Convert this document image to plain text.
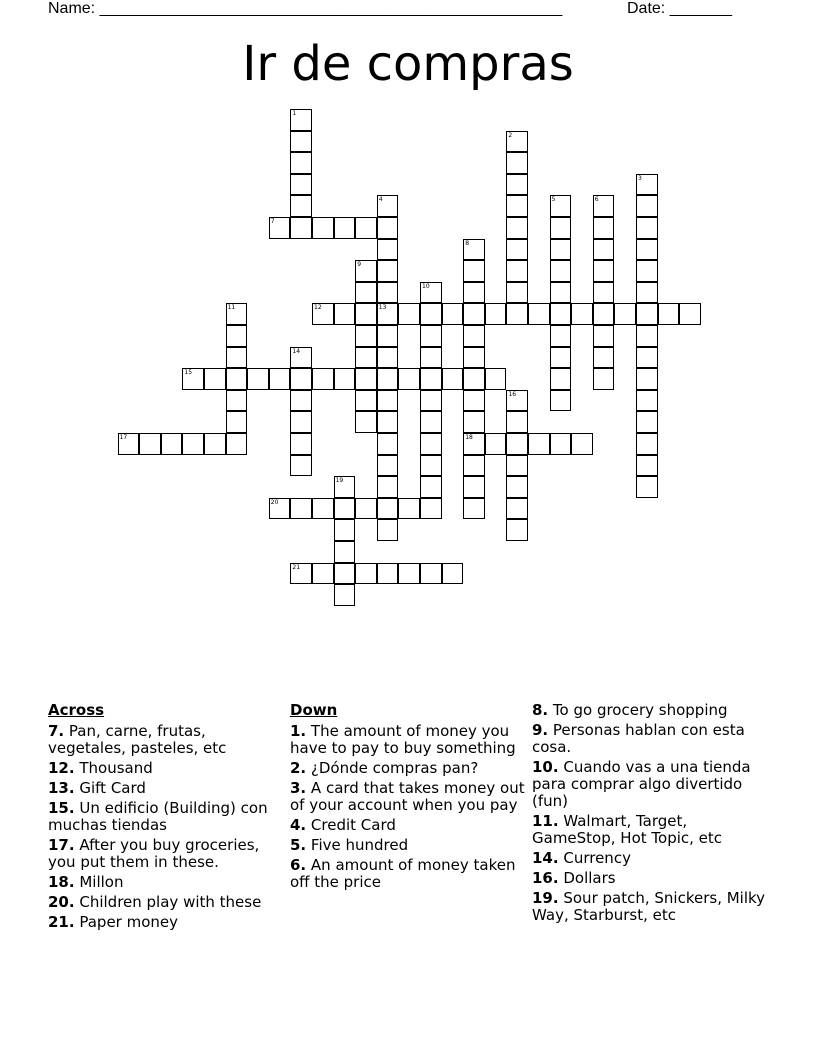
Name: ____________________________________________________	Date: _______
Ir de compras
1
2
3
4
13
5	6
7
8
18
9
10
11	12
14
15
16
17
19
20
21
Across
7. Pan, carne, frutas, vegetales, pasteles, etc
12. Thousand
13. Gift Card
15. Un edificio (Building) con muchas tiendas
17. After you buy groceries, you put them in these.
18. Millon
20. Children play with these
21. Paper money
Down
1. The amount of money you have to pay to buy something
2. ¿Dónde compras pan?
3. A card that takes money out of your account when you pay
4. Credit Card
5. Five hundred
6. An amount of money taken off the price
8. To go grocery shopping
9. Personas hablan con esta cosa.
10. Cuando vas a una tienda para comprar algo divertido (fun)
11. Walmart, Target, GameStop, Hot Topic, etc
14. Currency
16. Dollars
19. Sour patch, Snickers, Milky Way, Starburst, etc
